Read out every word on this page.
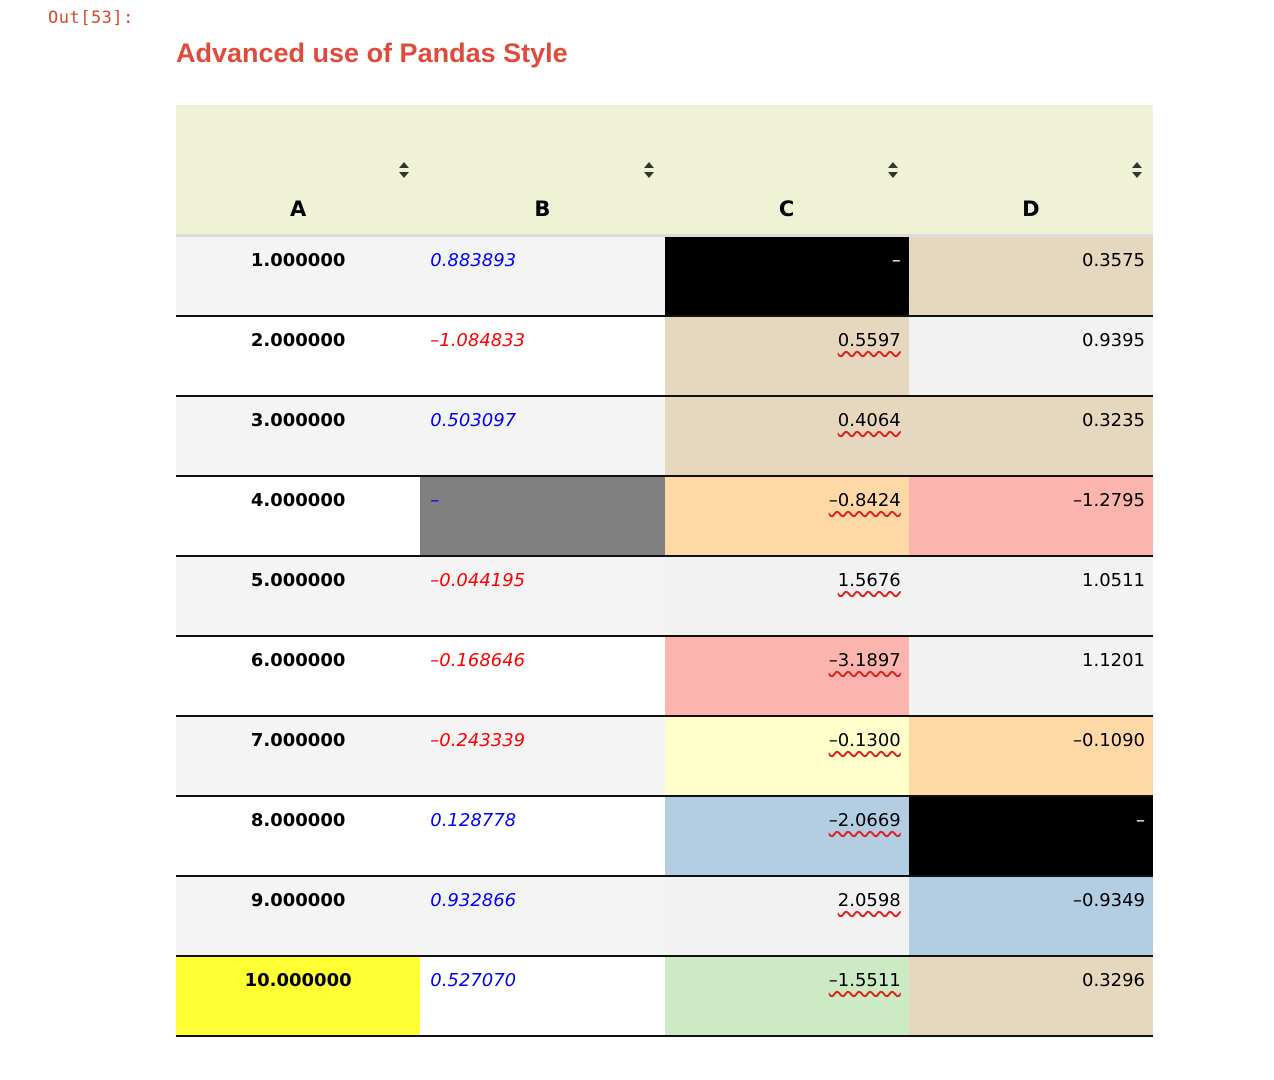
Out[53]:
Advanced use of Pandas Style
A	B	C	D

1.000000	0.883893	–	0.3575

2.000000	–1.084833	0.5597	0.9395

3.000000	0.503097	0.4064	0.3235

4.000000	–	–0.8424	–1.2795

5.000000	–0.044195	1.5676	1.0511

6.000000	–0.168646	–3.1897	1.1201

7.000000	–0.243339	–0.1300	–0.1090

8.000000	0.128778	–2.0669	–

9.000000	0.932866	2.0598	–0.9349

10.000000	0.527070	–1.5511	0.3296
